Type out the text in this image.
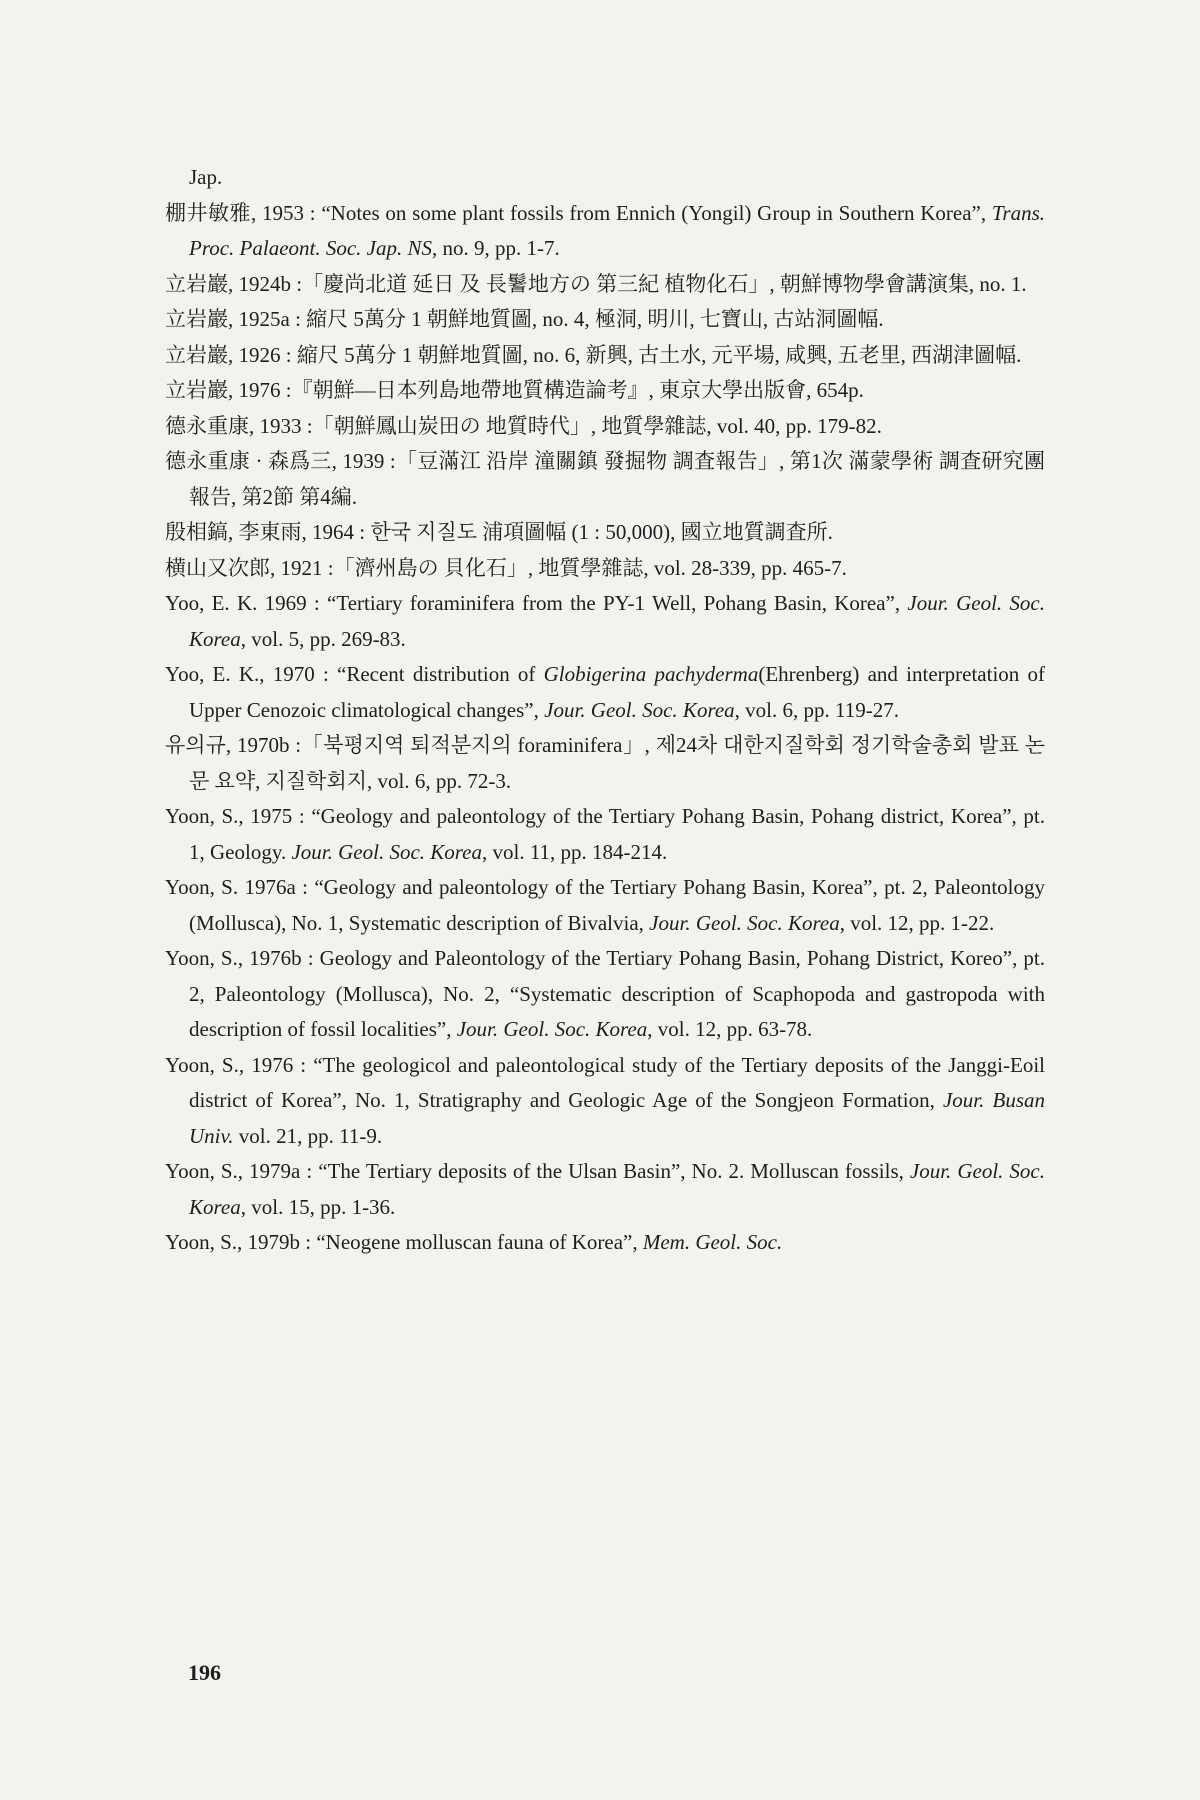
Jap.

棚井敏雅, 1953 : “Notes on some plant fossils from Ennich (Yongil) Group in Southern Korea”, Trans. Proc. Palaeont. Soc. Jap. NS, no. 9, pp. 1-7.

立岩巖, 1924b :「慶尚北道 延日 及 長鬐地方の 第三紀 植物化石」, 朝鮮博物學會講演集, no. 1.

立岩巖, 1925a : 縮尺 5萬分 1 朝鮮地質圖, no. 4, 極洞, 明川, 七寶山, 古站洞圖幅.

立岩巖, 1926 : 縮尺 5萬分 1 朝鮮地質圖, no. 6, 新興, 古土水, 元平場, 咸興, 五老里, 西湖津圖幅.

立岩巖, 1976 :『朝鮮—日本列島地帶地質構造論考』, 東京大學出版會, 654p.

德永重康, 1933 :「朝鮮鳳山炭田の 地質時代」, 地質學雜誌, vol. 40, pp. 179-82.

德永重康 · 森爲三, 1939 :「豆滿江 沿岸 潼關鎮 發掘物 調査報告」, 第1次 滿蒙學術 調査研究團報告, 第2節 第4編.

殷相鎬, 李東雨, 1964 : 한국 지질도 浦項圖幅 (1 : 50,000), 國立地質調査所.

横山又次郎, 1921 :「濟州島の 貝化石」, 地質學雜誌, vol. 28-339, pp. 465-7.

Yoo, E. K. 1969 : “Tertiary foraminifera from the PY-1 Well, Pohang Basin, Korea”, Jour. Geol. Soc. Korea, vol. 5, pp. 269-83.

Yoo, E. K., 1970 : “Recent distribution of Globigerina pachyderma(Ehrenberg) and interpretation of Upper Cenozoic climatological changes”, Jour. Geol. Soc. Korea, vol. 6, pp. 119-27.

유의규, 1970b :「북평지역 퇴적분지의 foraminifera」, 제24차 대한지질학회 정기학술총회 발표 논문 요약, 지질학회지, vol. 6, pp. 72-3.

Yoon, S., 1975 : “Geology and paleontology of the Tertiary Pohang Basin, Pohang district, Korea”, pt. 1, Geology. Jour. Geol. Soc. Korea, vol. 11, pp. 184-214.

Yoon, S. 1976a : “Geology and paleontology of the Tertiary Pohang Basin, Korea”, pt. 2, Paleontology (Mollusca), No. 1, Systematic description of Bivalvia, Jour. Geol. Soc. Korea, vol. 12, pp. 1-22.

Yoon, S., 1976b : Geology and Paleontology of the Tertiary Pohang Basin, Pohang District, Koreo”, pt. 2, Paleontology (Mollusca), No. 2, “Systematic description of Scaphopoda and gastropoda with description of fossil localities”, Jour. Geol. Soc. Korea, vol. 12, pp. 63-78.

Yoon, S., 1976 : “The geologicol and paleontological study of the Tertiary deposits of the Janggi-Eoil district of Korea”, No. 1, Stratigraphy and Geologic Age of the Songjeon Formation, Jour. Busan Univ. vol. 21, pp. 11-9.

Yoon, S., 1979a : “The Tertiary deposits of the Ulsan Basin”, No. 2. Molluscan fossils, Jour. Geol. Soc. Korea, vol. 15, pp. 1-36.

Yoon, S., 1979b : “Neogene molluscan fauna of Korea”, Mem. Geol. Soc.

196
